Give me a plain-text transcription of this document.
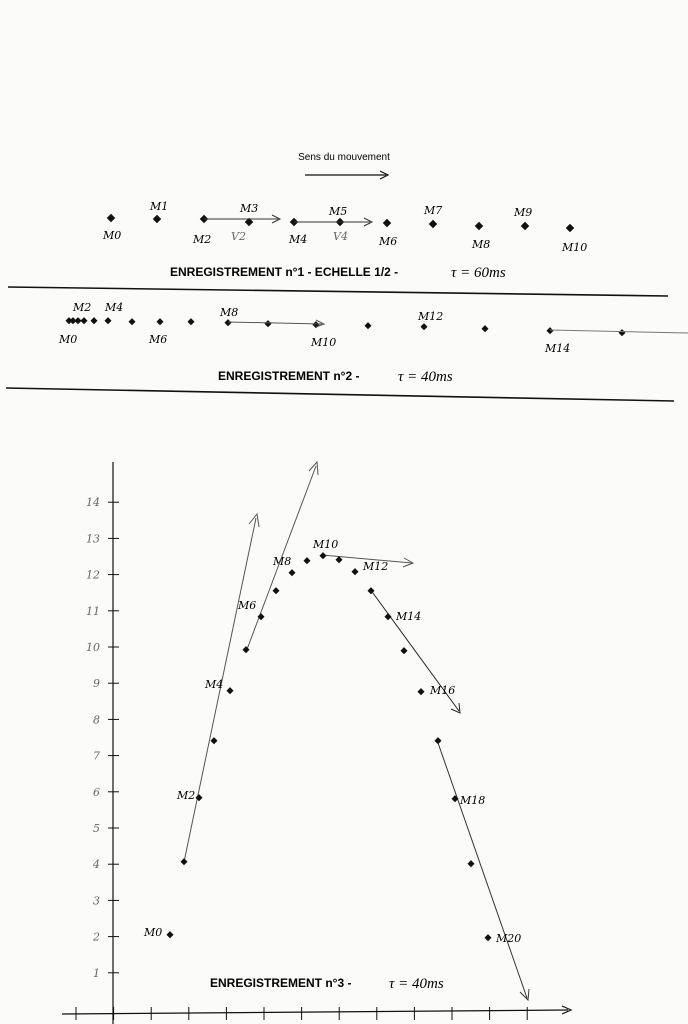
Sens du mouvement
M0
M1
M2
M3
M4
M5
M6
M7
M8
M9
M10
V2	V4
ENREGISTREMENT n°1 - ECHELLE 1/2 -	τ = 60ms
M0
M2 M4
M6
M8
M10
M12
M14
ENREGISTREMENT n°2 -	τ = 40ms
1
2
3
4
5
6
7
8
9
10
11
12
13
14
M0
M2
M4
M6
M8
M10
M12
M14
M16
M18
M20
ENREGISTREMENT n°3 -	τ = 40ms
